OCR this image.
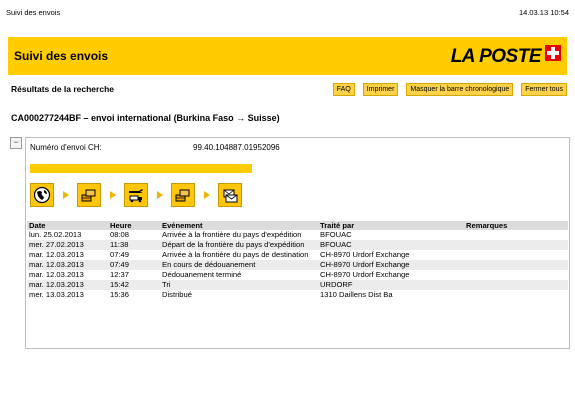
Suivi des envois	14.03.13 10:54
Suivi des envois	LA POSTE
Résultats de la recherche	FAQ	Imprimer	Masquer la barre chronologique	Fermer tous
CA000277244BF – envoi international (Burkina Faso → Suisse)
−
Numéro d'envoi CH:	99.40.104887.01952096
Date	Heure	Evénement	Traité par	Remarques
lun. 25.02.2013	08:08	Arrivée à la frontière du pays d'expédition	BFOUAC	
mer. 27.02.2013	11:38	Départ de la frontière du pays d'expédition	BFOUAC	
mar. 12.03.2013	07:49	Arrivée à la frontière du pays de destination	CH-8970 Urdorf Exchange	
mar. 12.03.2013	07:49	En cours de dédouanement	CH-8970 Urdorf Exchange	
mar. 12.03.2013	12:37	Dédouanement terminé	CH-8970 Urdorf Exchange	
mar. 12.03.2013	15:42	Tri	URDORF	
mer. 13.03.2013	15:36	Distribué	1310 Daillens Dist Ba	
